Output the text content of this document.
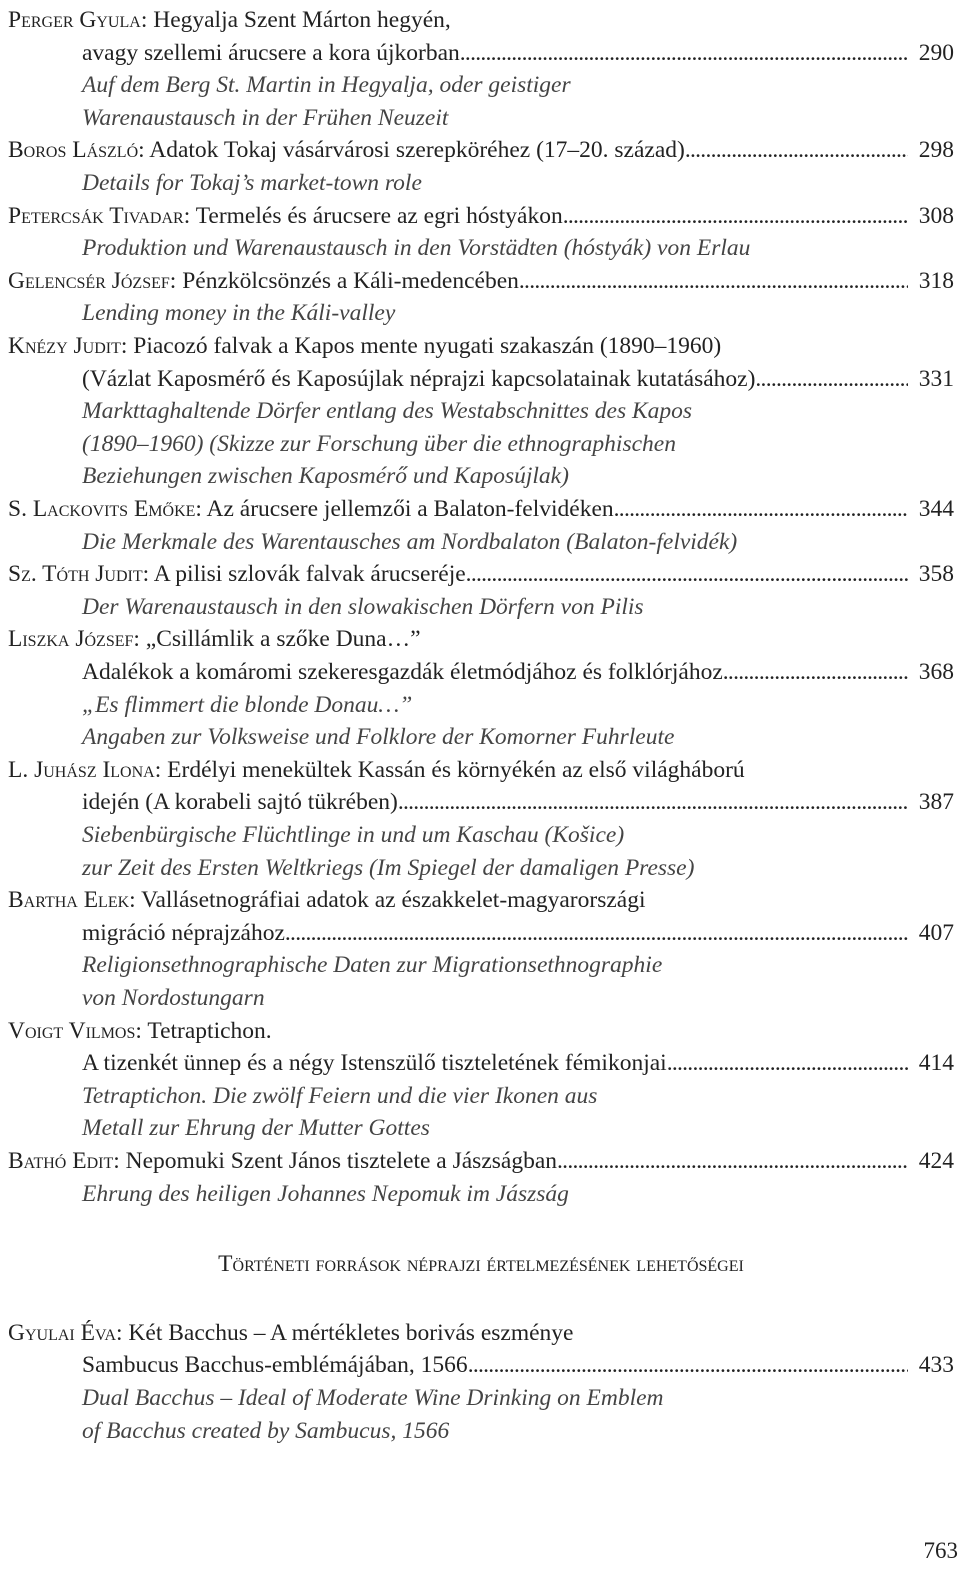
Perger Gyula: Hegyalja Szent Márton hegyén,
avagy szellemi árucsere a kora újkorban . . .	290
Auf dem Berg St. Martin in Hegyalja, oder geistiger
Warenaustausch in der Frühen Neuzeit
Boros László: Adatok Tokaj vásárvárosi szerepköréhez (17–20. század) . . .	298
Details for Tokaj’s market-town role
Petercsák Tivadar: Termelés és árucsere az egri hóstyákon . . .	308
Produktion und Warenaustausch in den Vorstädten (hóstyák) von Erlau
Gelencsér József: Pénzkölcsönzés a Káli-medencében . . .	318
Lending money in the Káli-valley
Knézy Judit: Piacozó falvak a Kapos mente nyugati szakaszán (1890–1960)
(Vázlat Kaposmérő és Kaposújlak néprajzi kapcsolatainak kutatásához) . . .	331
Markttaghaltende Dörfer entlang des Westabschnittes des Kapos
(1890–1960) (Skizze zur Forschung über die ethnographischen
Beziehungen zwischen Kaposmérő und Kaposújlak)
S. Lackovits Emőke: Az árucsere jellemzői a Balaton-felvidéken . . .	344
Die Merkmale des Warentausches am Nordbalaton (Balaton-felvidék)
Sz. Tóth Judit: A pilisi szlovák falvak árucseréje . . .	358
Der Warenaustausch in den slowakischen Dörfern von Pilis
Liszka József: „Csillámlik a szőke Duna…”
Adalékok a komáromi szekeresgazdák életmódjához és folklórjához . . .	368
„Es flimmert die blonde Donau…”
Angaben zur Volksweise und Folklore der Komorner Fuhrleute
L. Juhász Ilona: Erdélyi menekültek Kassán és környékén az első világháború
idején (A korabeli sajtó tükrében) . . .	387
Siebenbürgische Flüchtlinge in und um Kaschau (Košice)
zur Zeit des Ersten Weltkriegs (Im Spiegel der damaligen Presse)
Bartha Elek: Vallásetnográfiai adatok az északkelet-magyarországi
migráció néprajzához . . .	407
Religionsethnographische Daten zur Migrationsethnographie
von Nordostungarn
Voigt Vilmos: Tetraptichon.
A tizenkét ünnep és a négy Istenszülő tiszteletének fémikonjai . . .	414
Tetraptichon. Die zwölf Feiern und die vier Ikonen aus
Metall zur Ehrung der Mutter Gottes
Bathó Edit: Nepomuki Szent János tisztelete a Jászságban . . .	424
Ehrung des heiligen Johannes Nepomuk im Jászság
Történeti források néprajzi értelmezésének lehetőségei
Gyulai Éva: Két Bacchus – A mértékletes borivás eszménye
Sambucus Bacchus-emblémájában, 1566 . . .	433
Dual Bacchus – Ideal of Moderate Wine Drinking on Emblem
of Bacchus created by Sambucus, 1566
763
